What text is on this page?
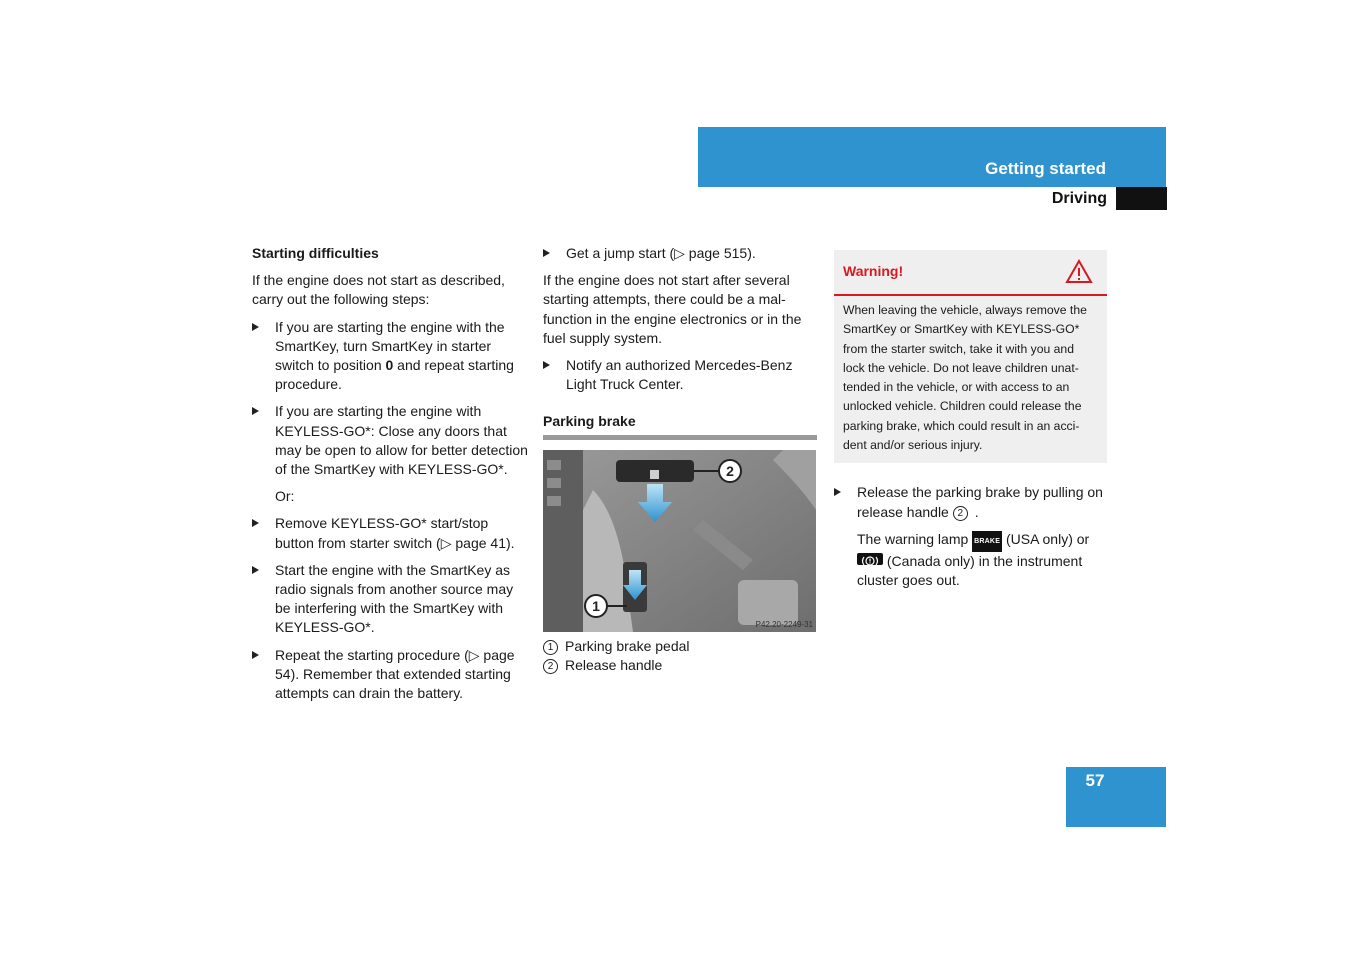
Getting started
Driving
Starting difficulties

If the engine does not start as described, carry out the following steps:

If you are starting the engine with the SmartKey, turn SmartKey in starter switch to position 0 and repeat starting procedure.
If you are starting the engine with KEYLESS-GO*: Close any doors that may be open to allow for better detection of the SmartKey with KEYLESS-GO*.
Or:
Remove KEYLESS-GO* start/stop button from starter switch (▷ page 41).
Start the engine with the SmartKey as radio signals from another source may be interfering with the SmartKey with KEYLESS-GO*.
Repeat the starting procedure (▷ page 54). Remember that extended starting attempts can drain the battery.
Get a jump start (▷ page 515).

If the engine does not start after several starting attempts, there could be a mal-function in the engine electronics or in the fuel supply system.

Notify an authorized Mercedes-Benz Light Truck Center.
Parking brake
2
1
P42.20-2249-31
1 Parking brake pedal
2 Release handle
Warning!
When leaving the vehicle, always remove the SmartKey or SmartKey with KEYLESS-GO* from the starter switch, take it with you and lock the vehicle. Do not leave children unat-tended in the vehicle, or with access to an unlocked vehicle. Children could release the parking brake, which could result in an acci-dent and/or serious injury.
Release the parking brake by pulling on release handle 2 .
The warning lamp BRAKE (USA only) or  (Canada only) in the instrument cluster goes out.
57
